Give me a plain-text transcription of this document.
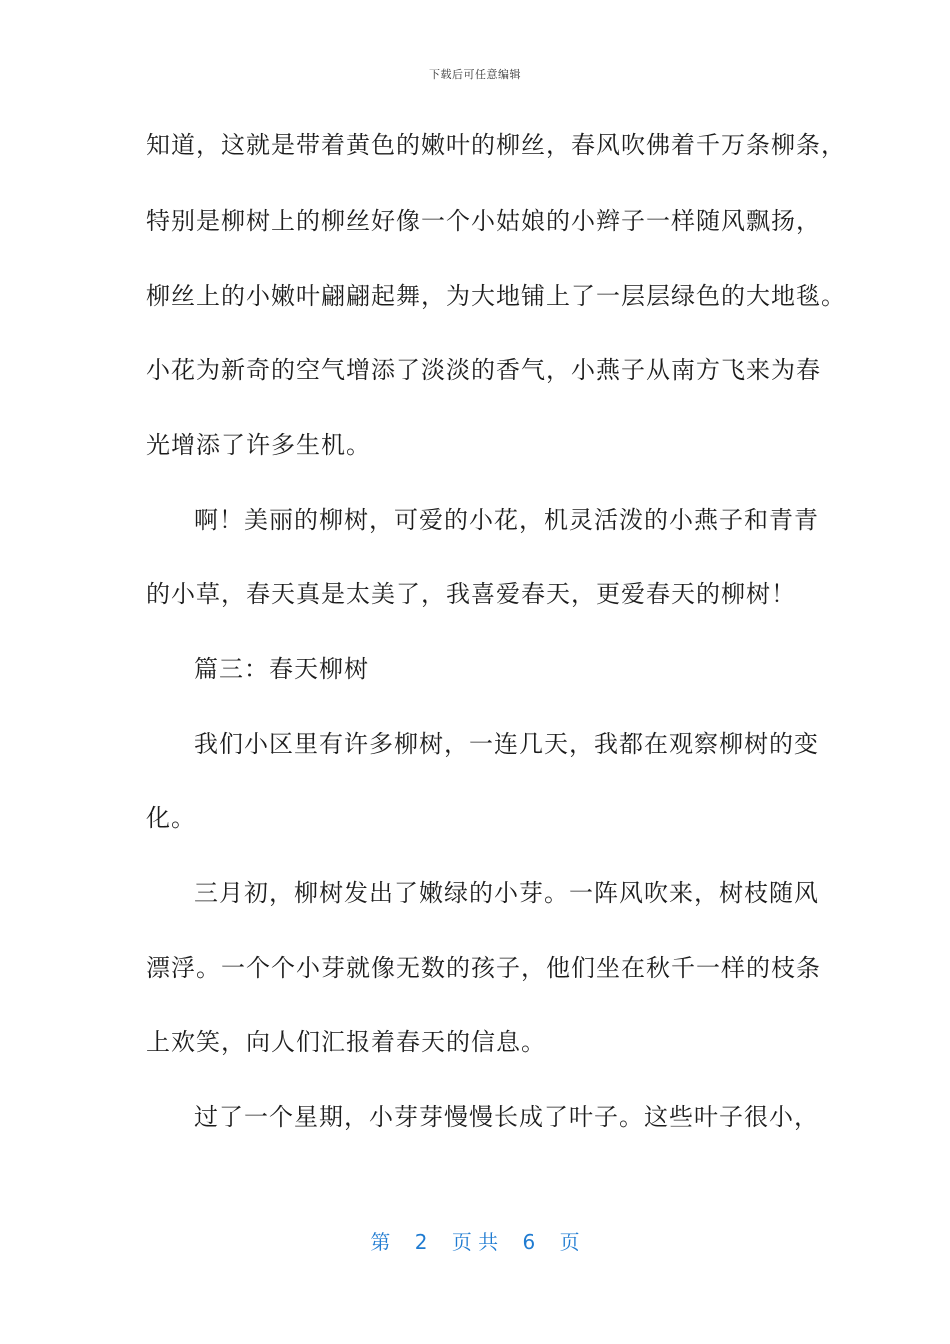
下载后可任意编辑
知道，这就是带着黄色的嫩叶的柳丝，春风吹佛着千万条柳条，
特别是柳树上的柳丝好像一个小姑娘的小辫子一样随风飘扬，
柳丝上的小嫩叶翩翩起舞，为大地铺上了一层层绿色的大地毯。
小花为新奇的空气增添了淡淡的香气，小燕子从南方飞来为春
光增添了许多生机。
啊！美丽的柳树，可爱的小花，机灵活泼的小燕子和青青
的小草，春天真是太美了，我喜爱春天，更爱春天的柳树！
篇三：春天柳树
我们小区里有许多柳树，一连几天，我都在观察柳树的变
化。
三月初，柳树发出了嫩绿的小芽。一阵风吹来，树枝随风
漂浮。一个个小芽就像无数的孩子，他们坐在秋千一样的枝条
上欢笑，向人们汇报着春天的信息。
过了一个星期，小芽芽慢慢长成了叶子。这些叶子很小，
第 2 页 共 6 页
